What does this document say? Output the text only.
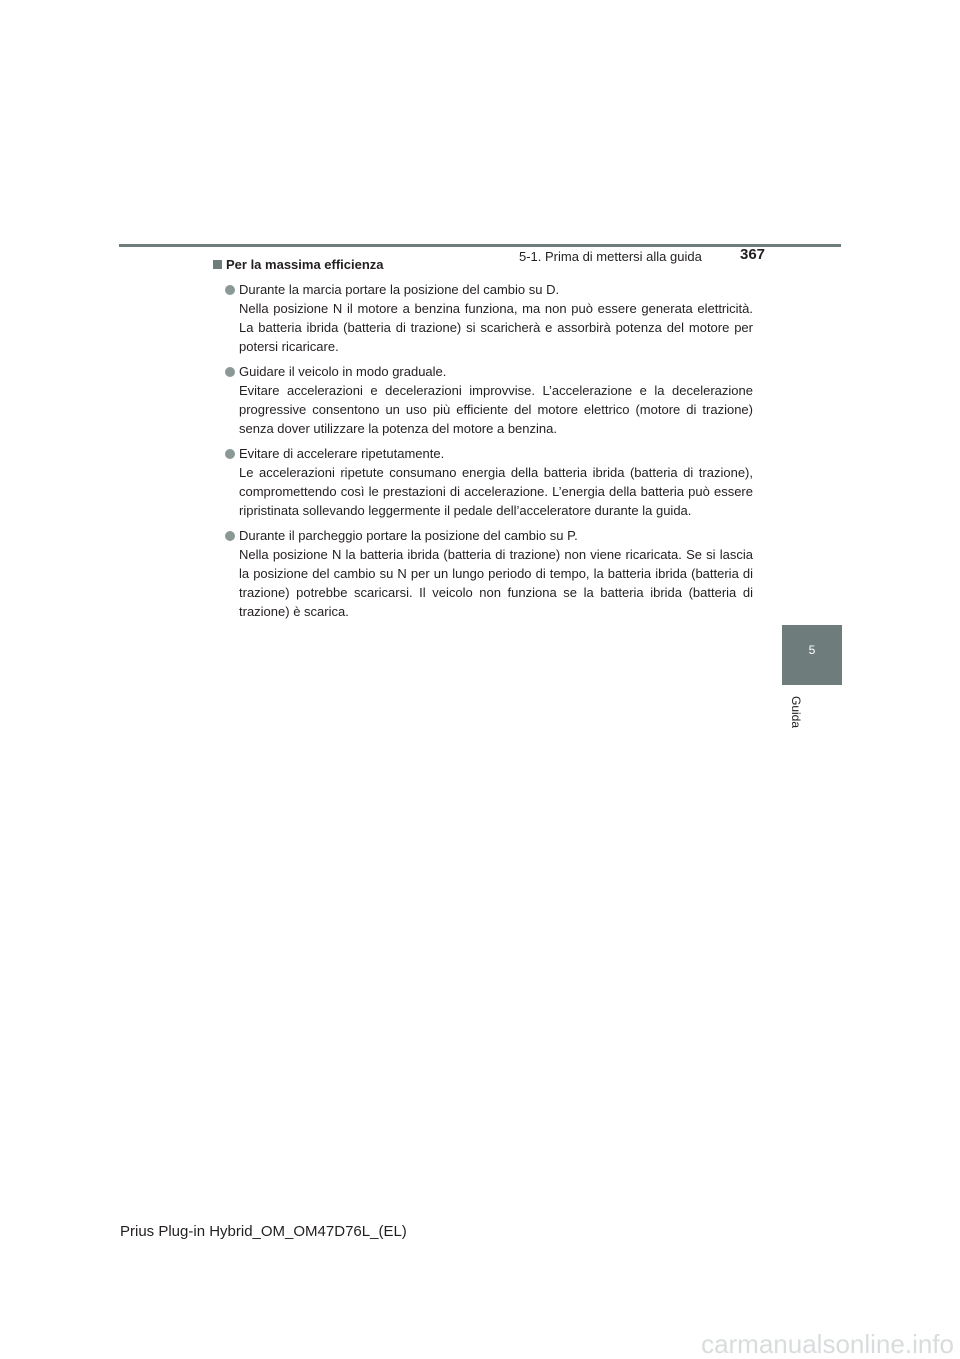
5-1. Prima di mettersi alla guida	367
5
Guida
Per la massima efficienza
Durante la marcia portare la posizione del cambio su D.
Nella posizione N il motore a benzina funziona, ma non può essere generata elettricità. La batteria ibrida (batteria di trazione) si scaricherà e assorbirà potenza del motore per potersi ricaricare.
Guidare il veicolo in modo graduale.
Evitare accelerazioni e decelerazioni improvvise. L’accelerazione e la decelerazione progressive consentono un uso più efficiente del motore elettrico (motore di trazione) senza dover utilizzare la potenza del motore a benzina.
Evitare di accelerare ripetutamente.
Le accelerazioni ripetute consumano energia della batteria ibrida (batteria di trazione), compromettendo così le prestazioni di accelerazione. L’energia della batteria può essere ripristinata sollevando leggermente il pedale dell’acceleratore durante la guida.
Durante il parcheggio portare la posizione del cambio su P.
Nella posizione N la batteria ibrida (batteria di trazione) non viene ricaricata. Se si lascia la posizione del cambio su N per un lungo periodo di tempo, la batteria ibrida (batteria di trazione) potrebbe scaricarsi. Il veicolo non funziona se la batteria ibrida (batteria di trazione) è scarica.
Prius Plug-in Hybrid_OM_OM47D76L_(EL)
carmanualsonline.info
